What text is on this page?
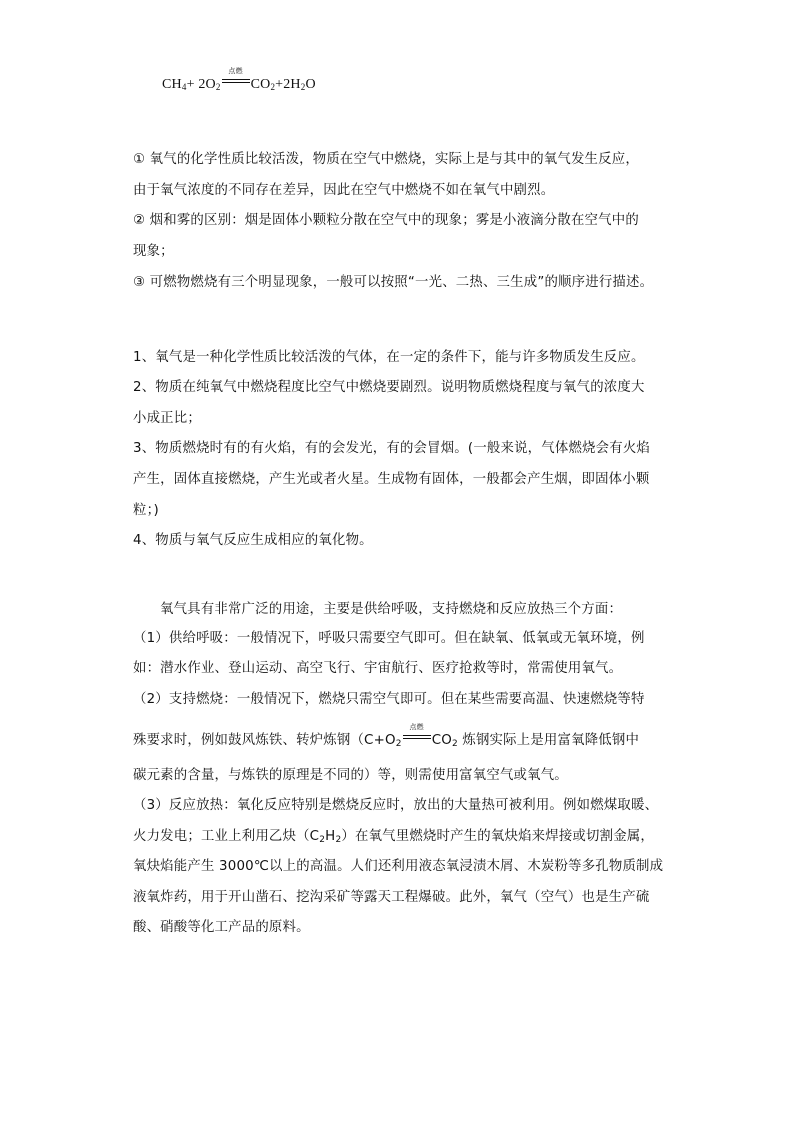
$CH_4+ 2O_2$
点燃
$CO_2+2H_2O$
① 氧气的化学性质比较活泼，物质在空气中燃烧，实际上是与其中的氧气发生反应，
由于氧气浓度的不同存在差异，因此在空气中燃烧不如在氧气中剧烈。
② 烟和雾的区别：烟是固体小颗粒分散在空气中的现象；雾是小液滴分散在空气中的
现象；
③ 可燃物燃烧有三个明显现象，一般可以按照“一光、二热、三生成”的顺序进行描述。
1、氧气是一种化学性质比较活泼的气体，在一定的条件下，能与许多物质发生反应。
2、物质在纯氧气中燃烧程度比空气中燃烧要剧烈。说明物质燃烧程度与氧气的浓度大
小成正比；
3、物质燃烧时有的有火焰，有的会发光，有的会冒烟。(一般来说，气体燃烧会有火焰
产生，固体直接燃烧，产生光或者火星。生成物有固体，一般都会产生烟，即固体小颗
粒；)
4、物质与氧气反应生成相应的氧化物。
氧气具有非常广泛的用途，主要是供给呼吸，支持燃烧和反应放热三个方面：
（1）供给呼吸：一般情况下，呼吸只需要空气即可。但在缺氧、低氧或无氧环境，例
如：潜水作业、登山运动、高空飞行、宇宙航行、医疗抢救等时，常需使用氧气。
（2）支持燃烧：一般情况下，燃烧只需空气即可。但在某些需要高温、快速燃烧等特
殊要求时，例如鼓风炼铁、转炉炼钢（$C+O_2$
点燃
$CO_2$ 炼钢实际上是用富氧降低钢中
碳元素的含量，与炼铁的原理是不同的）等，则需使用富氧空气或氧气。
（3）反应放热：氧化反应特别是燃烧反应时，放出的大量热可被利用。例如燃煤取暖、
火力发电；工业上利用乙炔$(C_2H_2)$在氧气里燃烧时产生的氧炔焰来焊接或切割金属，
氧炔焰能产生 3000℃以上的高温。人们还利用液态氧浸渍木屑、木炭粉等多孔物质制成
液氧炸药，用于开山凿石、挖沟采矿等露天工程爆破。此外，氧气（空气）也是生产硫
酸、硝酸等化工产品的原料。
